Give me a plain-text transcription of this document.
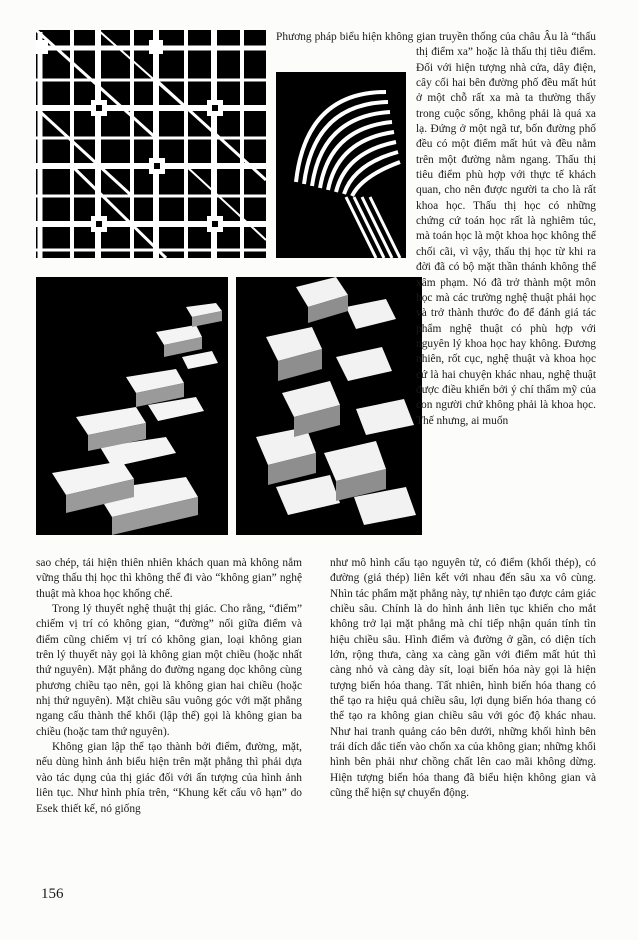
Phương pháp biểu hiện không gian truyền thống của châu Âu là “thấu thị điểm xa” hoặc là thấu thị tiêu điểm. Đối với hiện tượng nhà cửa, dây điện, cây cối hai bên đường phố đều mất hút ở một chỗ rất xa mà ta thường thấy trong cuộc sống, không phải là quá xa lạ. Đứng ở một ngã tư, bốn đường phố đều có một điểm mất hút và đều nằm trên một đường nằm ngang. Thấu thị tiêu điểm phù hợp với thực tế khách quan, cho nên được người ta cho là rất khoa học. Thấu thị học có những chứng cứ toán học rất là nghiêm túc, mà toán học là một khoa học không thể chối cãi, vì vậy, thấu thị học từ khi ra đời đã có bộ mặt thần thánh không thể xâm phạm. Nó đã trở thành một môn học mà các trường nghệ thuật phải học và trở thành thước đo để đánh giá tác phẩm nghệ thuật có phù hợp với nguyên lý khoa học hay không. Đương nhiên, rốt cục, nghệ thuật và khoa học cứ là hai chuyện khác nhau, nghệ thuật được điều khiển bởi ý chí thẩm mỹ của con người chứ không phải là khoa học. Thế nhưng, ai muốn

sao chép, tái hiện thiên nhiên khách quan mà không nắm vững thấu thị học thì không thể đi vào “không gian” nghệ thuật mà khoa học khống chế.

Trong lý thuyết nghệ thuật thị giác. Cho rằng, “điểm” chiếm vị trí có không gian, “đường” nối giữa điểm và điểm cũng chiếm vị trí có không gian, loại không gian trên lý thuyết này gọi là không gian một chiều (hoặc nhất thứ nguyên). Mặt phẳng do đường ngang dọc không cùng phương chiều tạo nên, gọi là không gian hai chiều (hoặc nhị thứ nguyên). Mặt chiều sâu vuông góc với mặt phẳng ngang cấu thành thể khối (lập thể) gọi là không gian ba chiều (hoặc tam thứ nguyên).

Không gian lập thể tạo thành bởi điểm, đường, mặt, nếu dùng hình ảnh biểu hiện trên mặt phẳng thì phải dựa vào tác dụng của thị giác đối với ấn tượng của hình ảnh liên tục. Như hình phía trên, “Khung kết cấu vô hạn” do Esek thiết kế, nó giống

như mô hình cấu tạo nguyên tử, có điểm (khối thép), có đường (giá thép) liên kết với nhau đến sâu xa vô cùng. Nhìn tác phẩm mặt phẳng này, tự nhiên tạo được cảm giác chiều sâu. Chính là do hình ảnh liên tục khiến cho mắt không trở lại mặt phẳng mà chỉ tiếp nhận quán tính tìn hiệu chiều sâu. Hình điểm và đường ở gần, có diện tích lớn, rộng thưa, càng xa càng gần với điểm mất hút thì càng nhỏ và càng dày sít, loại biến hóa này gọi là hiện tượng biến hóa thang. Tất nhiên, hình biến hóa thang có thể tạo ra hiệu quả chiều sâu, lợi dụng biến hóa thang có thể tạo ra không gian chiều sâu với góc độ khác nhau. Như hai tranh quảng cáo bên dưới, những khối hình bên trái dích dắc tiến vào chốn xa của không gian; những khối hình bên phải như chồng chất lên cao mãi không dừng. Hiện tượng biến hóa thang đã biểu hiện không gian và cũng thể hiện sự chuyển động.

156
